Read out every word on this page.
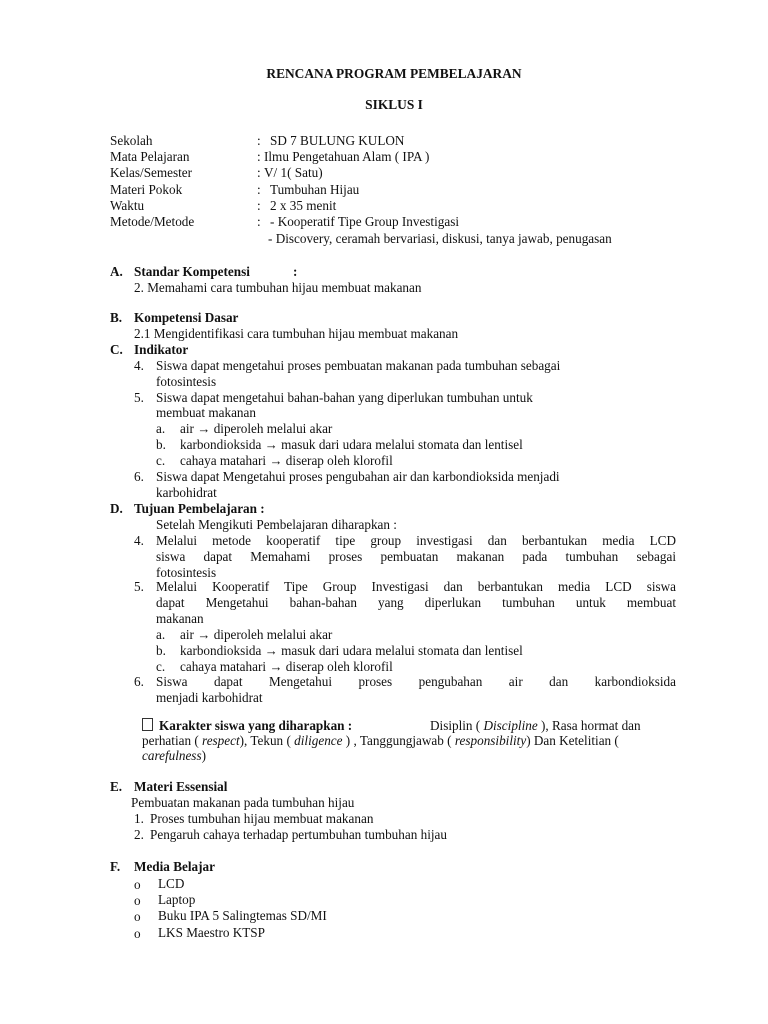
RENCANA PROGRAM PEMBELAJARAN
SIKLUS I
Sekolah	: SD 7 BULUNG KULON
Mata Pelajaran	: Ilmu Pengetahuan Alam ( IPA )
Kelas/Semester	: V/ 1( Satu)
Materi Pokok	: Tumbuhan Hijau
Waktu	: 2 x 35 menit
Metode/Metode	: - Kooperatif Tipe Group Investigasi
- Discovery, ceramah bervariasi, diskusi, tanya jawab, penugasan
A. Standar Kompetensi	:
2. Memahami cara tumbuhan hijau membuat makanan
B. Kompetensi Dasar
2.1 Mengidentifikasi cara tumbuhan hijau membuat makanan
C. Indikator
4. Siswa dapat mengetahui proses pembuatan makanan pada tumbuhan sebagai
fotosintesis
5. Siswa dapat mengetahui bahan-bahan yang diperlukan tumbuhan untuk
membuat makanan
a. air → diperoleh melalui akar
b. karbondioksida → masuk dari udara melalui stomata dan lentisel
c. cahaya matahari → diserap oleh klorofil
6. Siswa dapat Mengetahui proses pengubahan air dan karbondioksida menjadi
karbohidrat
D. Tujuan Pembelajaran :
Setelah Mengikuti Pembelajaran diharapkan :
4. Melalui metode kooperatif tipe group investigasi dan berbantukan media LCD
siswa dapat Memahami proses pembuatan makanan pada tumbuhan sebagai
fotosintesis
5. Melalui Kooperatif Tipe Group Investigasi dan berbantukan media LCD siswa
dapat Mengetahui bahan-bahan yang diperlukan tumbuhan untuk membuat
makanan
a. air → diperoleh melalui akar
b. karbondioksida → masuk dari udara melalui stomata dan lentisel
c. cahaya matahari → diserap oleh klorofil
6. Siswa dapat Mengetahui proses pengubahan air dan karbondioksida
menjadi karbohidrat
Karakter siswa yang diharapkan :	Disiplin ( Discipline ), Rasa hormat dan
perhatian ( respect), Tekun ( diligence ) , Tanggungjawab ( responsibility) Dan Ketelitian (
carefulness)
E. Materi Essensial
Pembuatan makanan pada tumbuhan hijau
1. Proses tumbuhan hijau membuat makanan
2. Pengaruh cahaya terhadap pertumbuhan tumbuhan hijau
F. Media Belajar
o LCD
o Laptop
o Buku IPA 5 Salingtemas SD/MI
o LKS Maestro KTSP
